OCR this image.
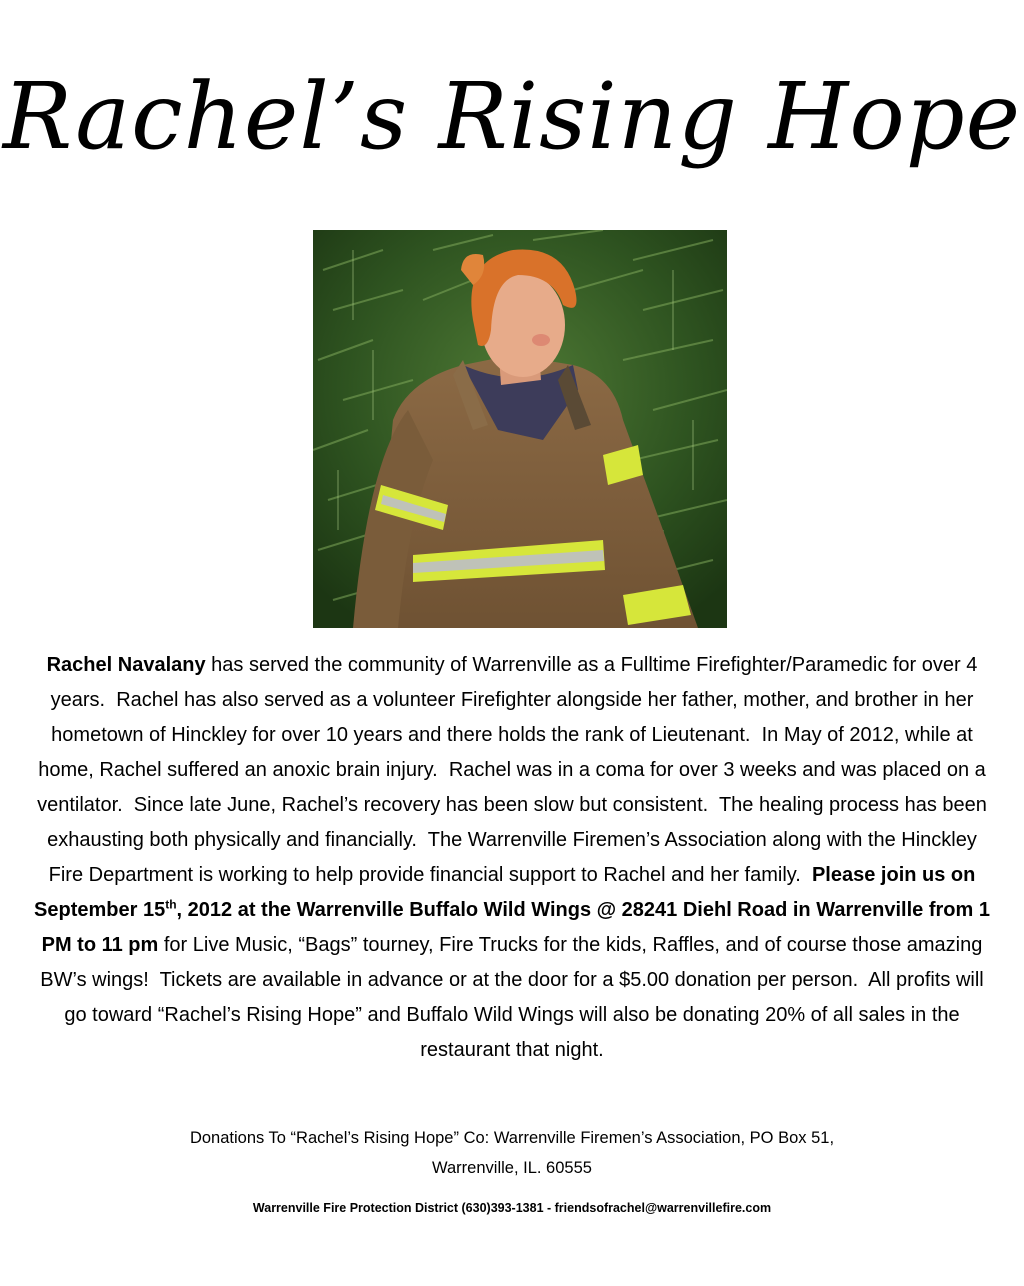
Rachel’s Rising Hope
Rachel Navalany has served the community of Warrenville as a Fulltime Firefighter/Paramedic for over 4 years.  Rachel has also served as a volunteer Firefighter alongside her father, mother, and brother in her hometown of Hinckley for over 10 years and there holds the rank of Lieutenant.  In May of 2012, while at home, Rachel suffered an anoxic brain injury.  Rachel was in a coma for over 3 weeks and was placed on a ventilator.  Since late June, Rachel’s recovery has been slow but consistent.  The healing process has been exhausting both physically and financially.  The Warrenville Firemen’s Association along with the Hinckley Fire Department is working to help provide financial support to Rachel and her family.  Please join us on September 15th, 2012 at the Warrenville Buffalo Wild Wings @ 28241 Diehl Road in Warrenville from 1 PM to 11 pm for Live Music, “Bags” tourney, Fire Trucks for the kids, Raffles, and of course those amazing BW’s wings!  Tickets are available in advance or at the door for a $5.00 donation per person.  All profits will go toward “Rachel’s Rising Hope” and Buffalo Wild Wings will also be donating 20% of all sales in the restaurant that night.
Donations To “Rachel’s Rising Hope” Co: Warrenville Firemen’s Association, PO Box 51,
Warrenville, IL. 60555
Warrenville Fire Protection District (630)393-1381 - friendsofrachel@warrenvillefire.com
